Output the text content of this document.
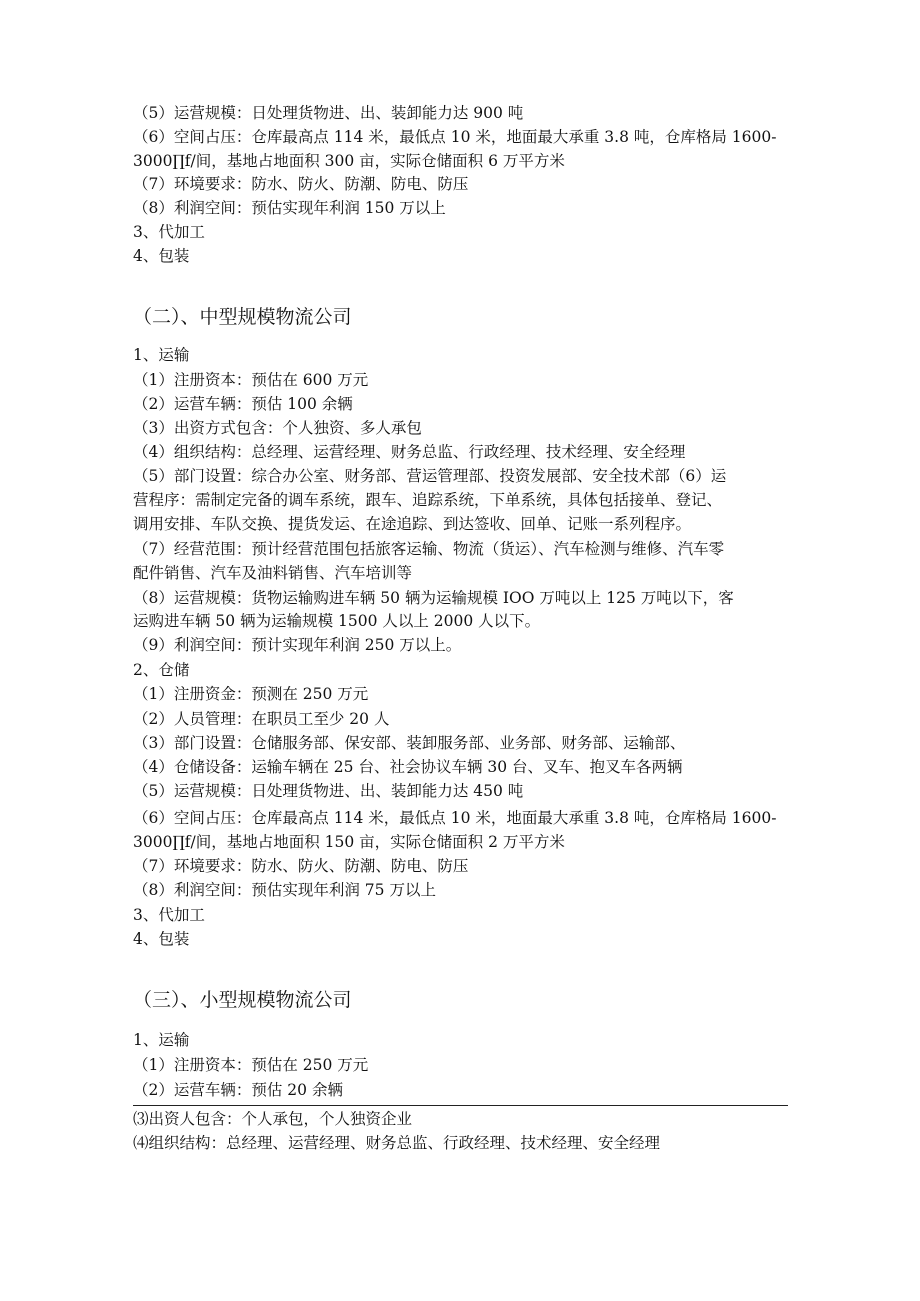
（5）运营规模：日处理货物进、出、装卸能力达 900 吨
（6）空间占压：仓库最高点 114 米，最低点 10 米，地面最大承重 3.8 吨，仓库格局 1600-
3000∏f/间，基地占地面积 300 亩，实际仓储面积 6 万平方米
（7）环境要求：防水、防火、防潮、防电、防压
（8）利润空间：预估实现年利润 150 万以上
3、代加工
4、包装
（二）、中型规模物流公司
1、运输
（1）注册资本：预估在 600 万元
（2）运营车辆：预估 100 余辆
（3）出资方式包含：个人独资、多人承包
（4）组织结构：总经理、运营经理、财务总监、行政经理、技术经理、安全经理
（5）部门设置：综合办公室、财务部、营运管理部、投资发展部、安全技术部（6）运
营程序：需制定完备的调车系统，跟车、追踪系统，下单系统，具体包括接单、登记、
调用安排、车队交换、提货发运、在途追踪、到达签收、回单、记账一系列程序。
（7）经营范围：预计经营范围包括旅客运输、物流（货运）、汽车检测与维修、汽车零
配件销售、汽车及油料销售、汽车培训等
（8）运营规模：货物运输购进车辆 50 辆为运输规模 IOO 万吨以上 125 万吨以下，客
运购进车辆 50 辆为运输规模 1500 人以上 2000 人以下。
（9）利润空间：预计实现年利润 250 万以上。
2、仓储
（1）注册资金：预测在 250 万元
（2）人员管理：在职员工至少 20 人
（3）部门设置：仓储服务部、保安部、装卸服务部、业务部、财务部、运输部、
（4）仓储设备：运输车辆在 25 台、社会协议车辆 30 台、叉车、抱叉车各两辆
（5）运营规模：日处理货物进、出、装卸能力达 450 吨
（6）空间占压：仓库最高点 114 米，最低点 10 米，地面最大承重 3.8 吨，仓库格局 1600-
3000∏f/间，基地占地面积 150 亩，实际仓储面积 2 万平方米
（7）环境要求：防水、防火、防潮、防电、防压
（8）利润空间：预估实现年利润 75 万以上
3、代加工
4、包装
（三）、小型规模物流公司
1、运输
（1）注册资本：预估在 250 万元
（2）运营车辆：预估 20 余辆
⑶出资人包含：个人承包，个人独资企业
⑷组织结构：总经理、运营经理、财务总监、行政经理、技术经理、安全经理
